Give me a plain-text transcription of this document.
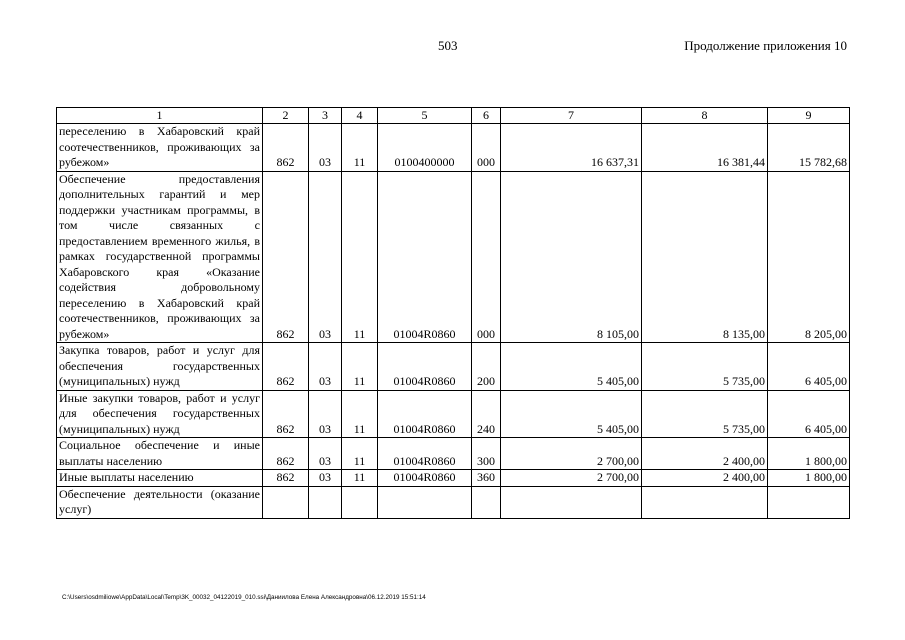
503	Продолжение приложения 10
1	2	3	4	5	6	7	8	9
переселению в Хабаровский край соотечественников, проживающих за рубежом»	862	03	11	0100400000	000	16 637,31	16 381,44	15 782,68
Обеспечение предоставления дополнительных гарантий и мер поддержки участникам программы, в том числе связанных с предоставлением временного жилья, в рамках государственной программы Хабаровского края «Оказание содействия добровольному переселению в Хабаровский край соотечественников, проживающих за рубежом»	862	03	11	01004R0860	000	8 105,00	8 135,00	8 205,00
Закупка товаров, работ и услуг для обеспечения государственных (муниципальных) нужд	862	03	11	01004R0860	200	5 405,00	5 735,00	6 405,00
Иные закупки товаров, работ и услуг для обеспечения государственных (муниципальных) нужд	862	03	11	01004R0860	240	5 405,00	5 735,00	6 405,00
Социальное обеспечение и иные выплаты населению	862	03	11	01004R0860	300	2 700,00	2 400,00	1 800,00
Иные выплаты населению	862	03	11	01004R0860	360	2 700,00	2 400,00	1 800,00
Обеспечение деятельности (оказание услуг)								
C:\Users\osdmiliowe\AppData\Local\Temp\3K_00032_04122019_010.ssi\Даниилова Елена Александровна\06.12.2019 15:51:14
